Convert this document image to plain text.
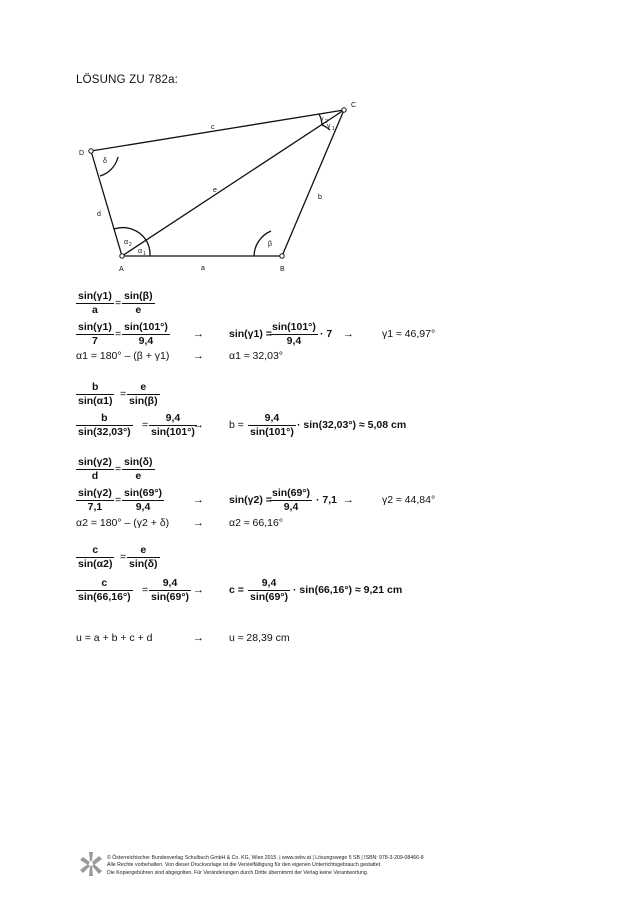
LÖSUNG ZU 782a:
A	B
C
D
a
b
c
d
e
δ
β
α 2
α 1
γ 2
γ 1
$\frac{\sin(\gamma 1)}{a} = \frac{\sin(\beta)}{e}$
$\frac{\sin(\gamma 1)}{7} = \frac{\sin(101^\circ)}{9,4} \to \sin(\gamma 1)$ =
$\frac{\sin(101^\circ)}{9,4} \cdot 7$ →	γ1 ≈ 46,97°
α1 = 180° – (β + γ1) → α1 ≈ 32,03°
$\frac{b}{\sin(\alpha 1)} = \frac{e}{\sin(\beta)}$
$\frac{b}{\sin(32,03^\circ)} = \frac{9,4}{\sin(101^\circ)}$
→ $b = \frac{9,4}{\sin(101^\circ)} \cdot \sin(32,03^\circ) \approx 5,08$ cm
$\frac{\sin(\gamma 2)}{d} = \frac{\sin(\delta)}{e}$
$\frac{\sin(\gamma 2)}{7,1} = \frac{\sin(69^\circ)}{9,4}$	→ sin(γ2) =
$\frac{\sin(69^\circ)}{9,4} \cdot 7,1$ →	γ2 ≈ 44,84°
α2 = 180° – (γ2 + δ) → α2 ≈ 66,16°
$\frac{c}{\sin(\alpha 2)} = \frac{e}{\sin(\delta)}$
$\frac{c}{\sin(66,16^\circ)} = \frac{9,4}{\sin(69^\circ)} \to c = \frac{9,4}{\sin(69^\circ)} \cdot \sin(66,16^\circ) \approx 9,21$ cm
u = a + b + c + d	→ u ≈ 28,39 cm
© Österreichischer Bundesverlag Schulbuch GmbH & Co. KG, Wien 2015. | www.oebv.at | Lösungswege 5 SB | ISBN: 978-3-209-08466-8
Alle Rechte vorbehalten. Von dieser Druckvorlage ist die Vervielfältigung für den eigenen Unterrichtsgebrauch gestattet.
Die Kopiergebühren sind abgegolten. Für Veränderungen durch Dritte übernimmt der Verlag keine Verantwortung.
